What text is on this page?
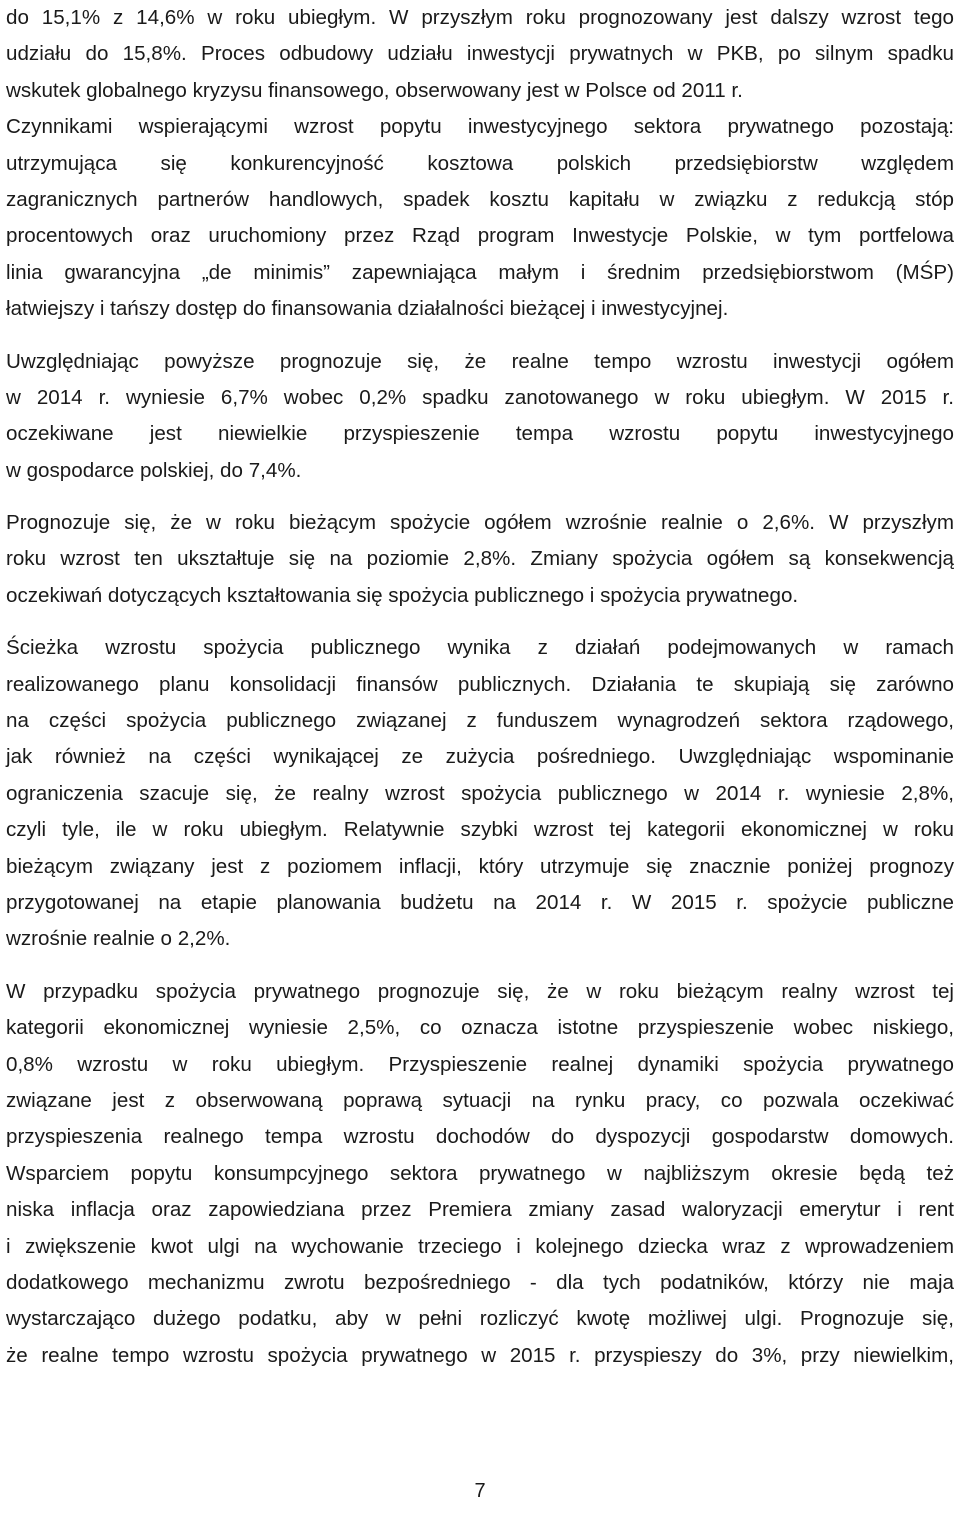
do 15,1% z 14,6% w roku ubiegłym. W przyszłym roku prognozowany jest dalszy wzrost tego
udziału do 15,8%. Proces odbudowy udziału inwestycji prywatnych w PKB, po silnym spadku
wskutek globalnego kryzysu finansowego, obserwowany jest w Polsce od 2011 r.
Czynnikami wspierającymi wzrost popytu inwestycyjnego sektora prywatnego pozostają:
utrzymująca się konkurencyjność kosztowa polskich przedsiębiorstw względem
zagranicznych partnerów handlowych, spadek kosztu kapitału w związku z redukcją stóp
procentowych oraz uruchomiony przez Rząd program Inwestycje Polskie, w tym portfelowa
linia gwarancyjna „de minimis” zapewniająca małym i średnim przedsiębiorstwom (MŚP)
łatwiejszy i tańszy dostęp do finansowania działalności bieżącej i inwestycyjnej.
Uwzględniając powyższe prognozuje się, że realne tempo wzrostu inwestycji ogółem
w 2014 r. wyniesie 6,7% wobec 0,2% spadku zanotowanego w roku ubiegłym. W 2015 r.
oczekiwane jest niewielkie przyspieszenie tempa wzrostu popytu inwestycyjnego
w gospodarce polskiej, do 7,4%.
Prognozuje się, że w roku bieżącym spożycie ogółem wzrośnie realnie o 2,6%. W przyszłym
roku wzrost ten ukształtuje się na poziomie 2,8%. Zmiany spożycia ogółem są konsekwencją
oczekiwań dotyczących kształtowania się spożycia publicznego i spożycia prywatnego.
Ścieżka wzrostu spożycia publicznego wynika z działań podejmowanych w ramach
realizowanego planu konsolidacji finansów publicznych. Działania te skupiają się zarówno
na części spożycia publicznego związanej z funduszem wynagrodzeń sektora rządowego,
jak również na części wynikającej ze zużycia pośredniego. Uwzględniając wspominanie
ograniczenia szacuje się, że realny wzrost spożycia publicznego w 2014 r. wyniesie 2,8%,
czyli tyle, ile w roku ubiegłym. Relatywnie szybki wzrost tej kategorii ekonomicznej w roku
bieżącym związany jest z poziomem inflacji, który utrzymuje się znacznie poniżej prognozy
przygotowanej na etapie planowania budżetu na 2014 r. W 2015 r. spożycie publiczne
wzrośnie realnie o 2,2%.
W przypadku spożycia prywatnego prognozuje się, że w roku bieżącym realny wzrost tej
kategorii ekonomicznej wyniesie 2,5%, co oznacza istotne przyspieszenie wobec niskiego,
0,8% wzrostu w roku ubiegłym. Przyspieszenie realnej dynamiki spożycia prywatnego
związane jest z obserwowaną poprawą sytuacji na rynku pracy, co pozwala oczekiwać
przyspieszenia realnego tempa wzrostu dochodów do dyspozycji gospodarstw domowych.
Wsparciem popytu konsumpcyjnego sektora prywatnego w najbliższym okresie będą też
niska inflacja oraz zapowiedziana przez Premiera zmiany zasad waloryzacji emerytur i rent
i zwiększenie kwot ulgi na wychowanie trzeciego i kolejnego dziecka wraz z wprowadzeniem
dodatkowego mechanizmu zwrotu bezpośredniego - dla tych podatników, którzy nie maja
wystarczająco dużego podatku, aby w pełni rozliczyć kwotę możliwej ulgi. Prognozuje się,
że realne tempo wzrostu spożycia prywatnego w 2015 r. przyspieszy do 3%, przy niewielkim,
7
